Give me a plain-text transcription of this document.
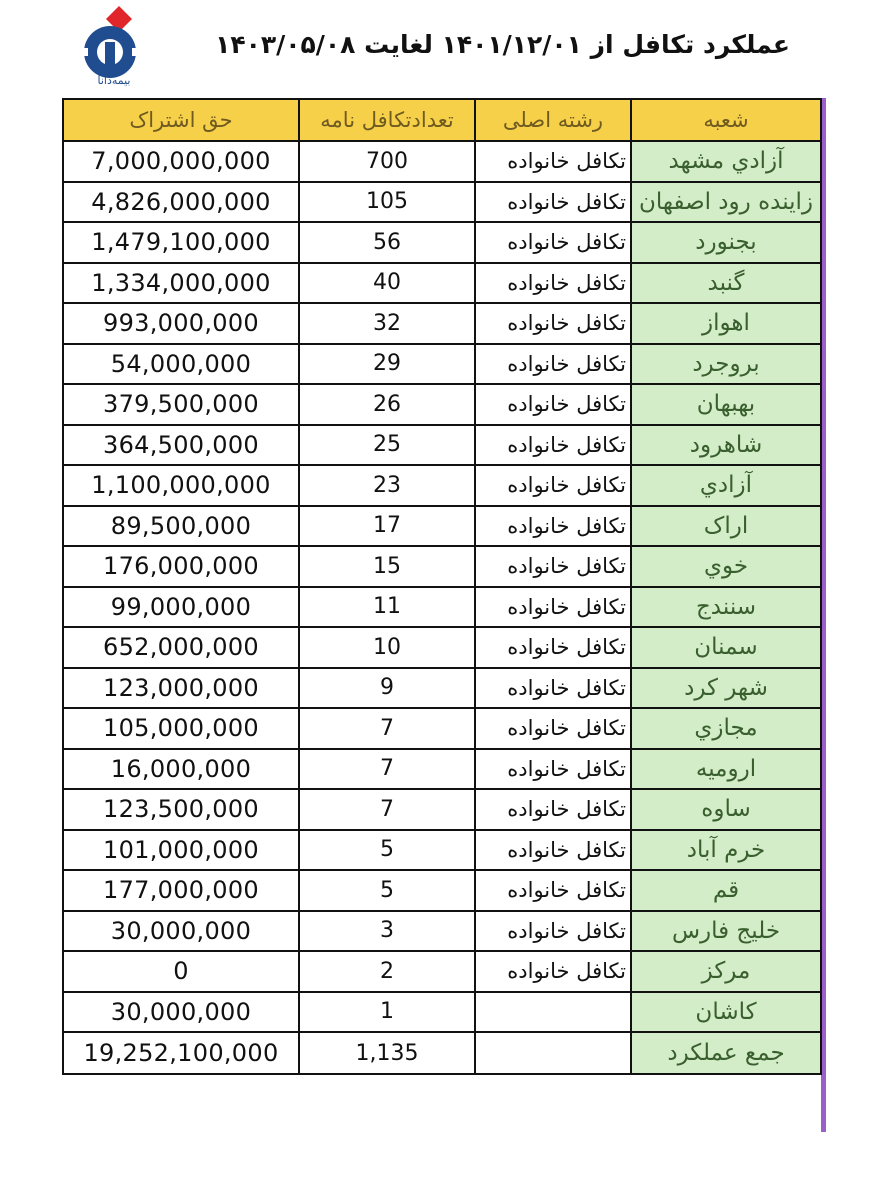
بیمه‌دانا
عملکرد تکافل از ۱۴۰۱/۱۲/۰۱ لغایت ۱۴۰۳/۰۵/۰۸
شعبه	رشته اصلی	تعدادتکافل نامه	حق اشتراک
آزادي مشهد	تکافل خانواده	700	7,000,000,000
زاينده رود اصفهان	تکافل خانواده	105	4,826,000,000
بجنورد	تکافل خانواده	56	1,479,100,000
گنبد	تکافل خانواده	40	1,334,000,000
اهواز	تکافل خانواده	32	993,000,000
بروجرد	تکافل خانواده	29	54,000,000
بهبهان	تکافل خانواده	26	379,500,000
شاهرود	تکافل خانواده	25	364,500,000
آزادي	تکافل خانواده	23	1,100,000,000
اراک	تکافل خانواده	17	89,500,000
خوي	تکافل خانواده	15	176,000,000
سنندج	تکافل خانواده	11	99,000,000
سمنان	تکافل خانواده	10	652,000,000
شهر کرد	تکافل خانواده	9	123,000,000
مجازي	تکافل خانواده	7	105,000,000
ارومیه	تکافل خانواده	7	16,000,000
ساوه	تکافل خانواده	7	123,500,000
خرم آباد	تکافل خانواده	5	101,000,000
قم	تکافل خانواده	5	177,000,000
خلیج فارس	تکافل خانواده	3	30,000,000
مرکز	تکافل خانواده	2	0
کاشان		1	30,000,000
جمع عملکرد		1,135	19,252,100,000
